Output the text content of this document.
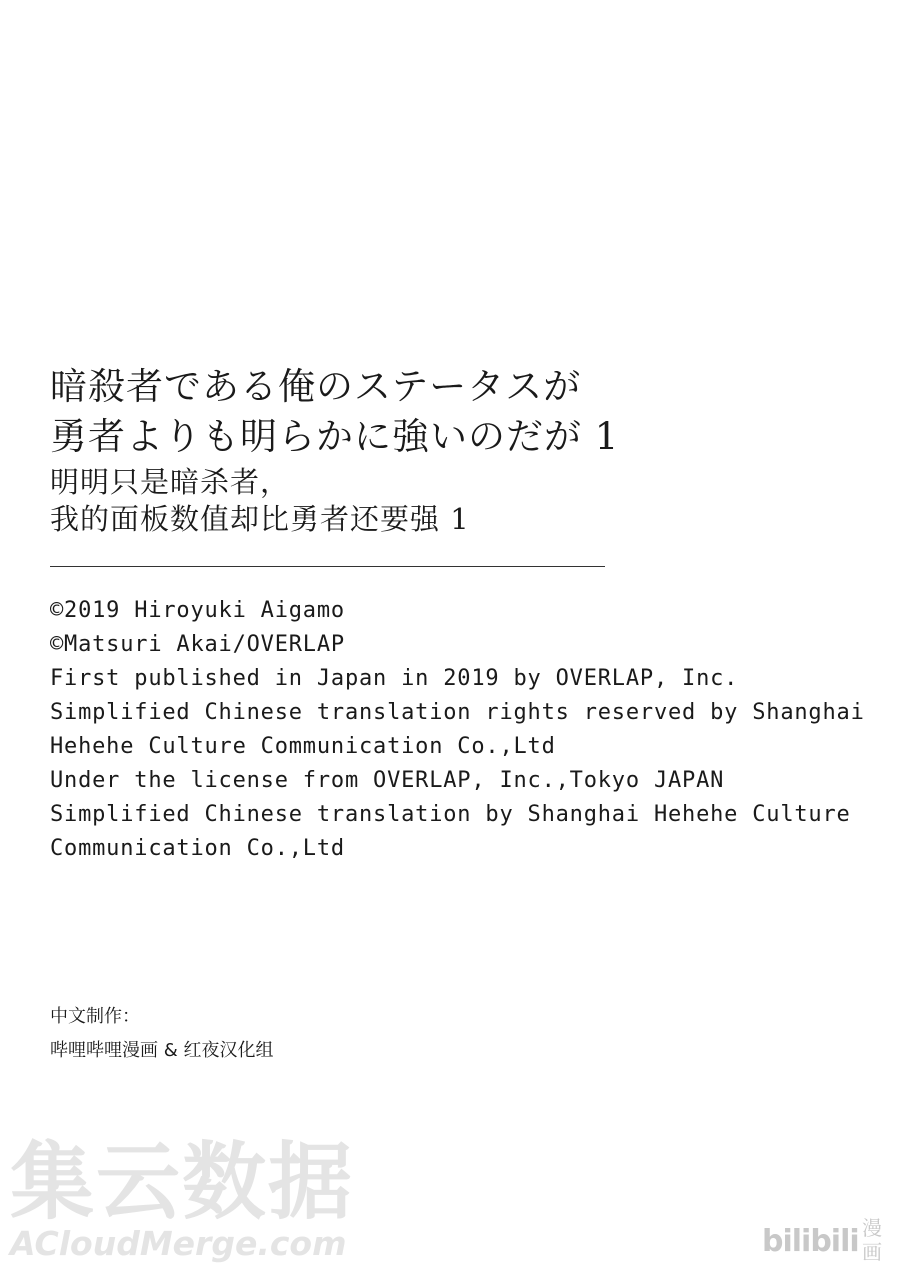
暗殺者である俺のステータスが

勇者よりも明らかに強いのだが 1

明明只是暗杀者，

我的面板数值却比勇者还要强 1

©2019 Hiroyuki Aigamo
©Matsuri Akai/OVERLAP
First published in Japan in 2019 by OVERLAP, Inc.
Simplified Chinese translation rights reserved by Shanghai
Hehehe Culture Communication Co.,Ltd
Under the license from OVERLAP, Inc.,Tokyo JAPAN
Simplified Chinese translation by Shanghai Hehehe Culture
Communication Co.,Ltd
中文制作：
哔哩哔哩漫画 & 红夜汉化组
集云数据
ACloudMerge.com	bilibili 漫画
